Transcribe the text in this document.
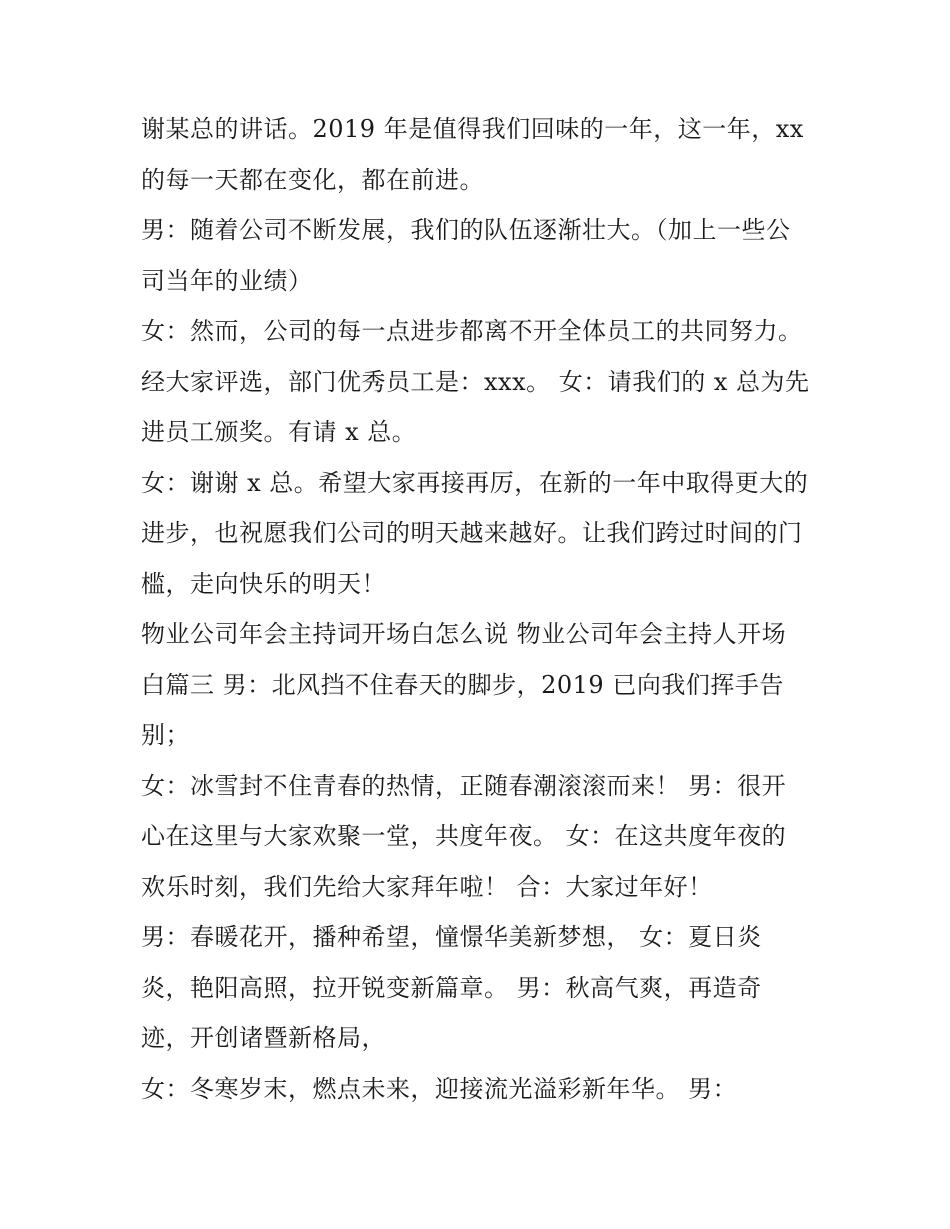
谢某总的讲话。2019 年是值得我们回味的一年，这一年，xx
的每一天都在变化，都在前进。
男：随着公司不断发展，我们的队伍逐渐壮大。（加上一些公
司当年的业绩）
女：然而，公司的每一点进步都离不开全体员工的共同努力。
经大家评选，部门优秀员工是：xxx。 女：请我们的 x 总为先
进员工颁奖。有请 x 总。
女：谢谢 x 总。希望大家再接再厉，在新的一年中取得更大的
进步，也祝愿我们公司的明天越来越好。让我们跨过时间的门
槛，走向快乐的明天！
物业公司年会主持词开场白怎么说 物业公司年会主持人开场
白篇三 男：北风挡不住春天的脚步，2019 已向我们挥手告
别；
女：冰雪封不住青春的热情，正随春潮滚滚而来！ 男：很开
心在这里与大家欢聚一堂，共度年夜。 女：在这共度年夜的
欢乐时刻，我们先给大家拜年啦！ 合：大家过年好！
男：春暖花开，播种希望，憧憬华美新梦想， 女：夏日炎
炎，艳阳高照，拉开锐变新篇章。 男：秋高气爽，再造奇
迹，开创诸暨新格局，
女：冬寒岁末，燃点未来，迎接流光溢彩新年华。 男：
